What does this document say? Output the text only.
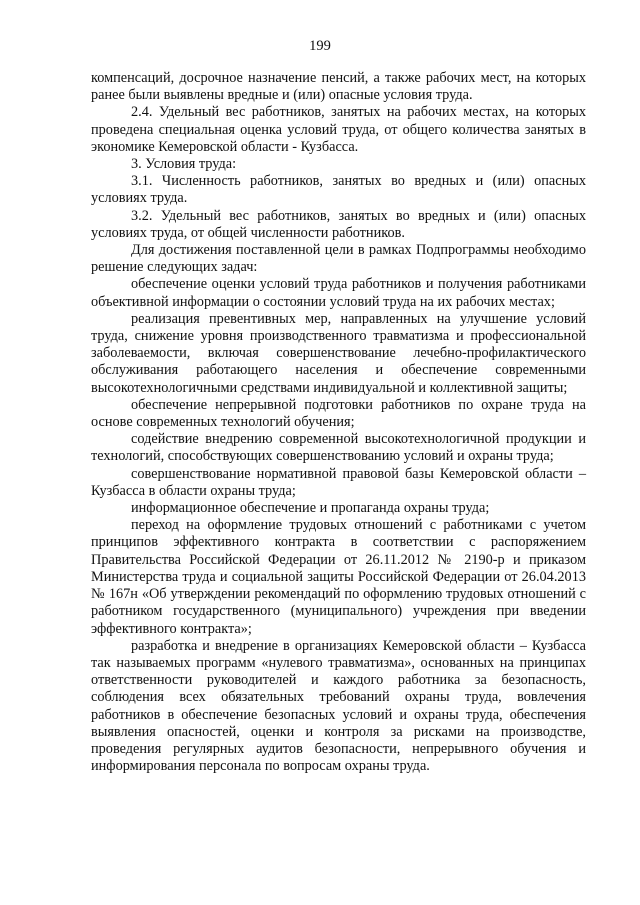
199

компенсаций, досрочное назначение пенсий, а также рабочих мест, на которых ранее были выявлены вредные и (или) опасные условия труда.

2.4. Удельный вес работников, занятых на рабочих местах, на которых проведена специальная оценка условий труда, от общего количества занятых в экономике Кемеровской области - Кузбасса.

3. Условия труда:

3.1. Численность работников, занятых во вредных и (или) опасных условиях труда.

3.2. Удельный вес работников, занятых во вредных и (или) опасных условиях труда, от общей численности работников.

Для достижения поставленной цели в рамках Подпрограммы необходимо решение следующих задач:

обеспечение оценки условий труда работников и получения работниками объективной информации о состоянии условий труда на их рабочих местах;

реализация превентивных мер, направленных на улучшение условий труда, снижение уровня производственного травматизма и профессиональной заболеваемости, включая совершенствование лечебно-профилактического обслуживания работающего населения и обеспечение современными высокотехнологичными средствами индивидуальной и коллективной защиты;

обеспечение непрерывной подготовки работников по охране труда на основе современных технологий обучения;

содействие внедрению современной высокотехнологичной продукции и технологий, способствующих совершенствованию условий и охраны труда;

совершенствование нормативной правовой базы Кемеровской области – Кузбасса в области охраны труда;

информационное обеспечение и пропаганда охраны труда;

переход на оформление трудовых отношений с работниками с учетом принципов эффективного контракта в соответствии с распоряжением Правительства Российской Федерации от 26.11.2012 № 2190-р и приказом Министерства труда и социальной защиты Российской Федерации от 26.04.2013 № 167н «Об утверждении рекомендаций по оформлению трудовых отношений с работником государственного (муниципального) учреждения при введении эффективного контракта»;

разработка и внедрение в организациях Кемеровской области – Кузбасса так называемых программ «нулевого травматизма», основанных на принципах ответственности руководителей и каждого работника за безопасность, соблюдения всех обязательных требований охраны труда, вовлечения работников в обеспечение безопасных условий и охраны труда, обеспечения выявления опасностей, оценки и контроля за рисками на производстве, проведения регулярных аудитов безопасности, непрерывного обучения и информирования персонала по вопросам охраны труда.
